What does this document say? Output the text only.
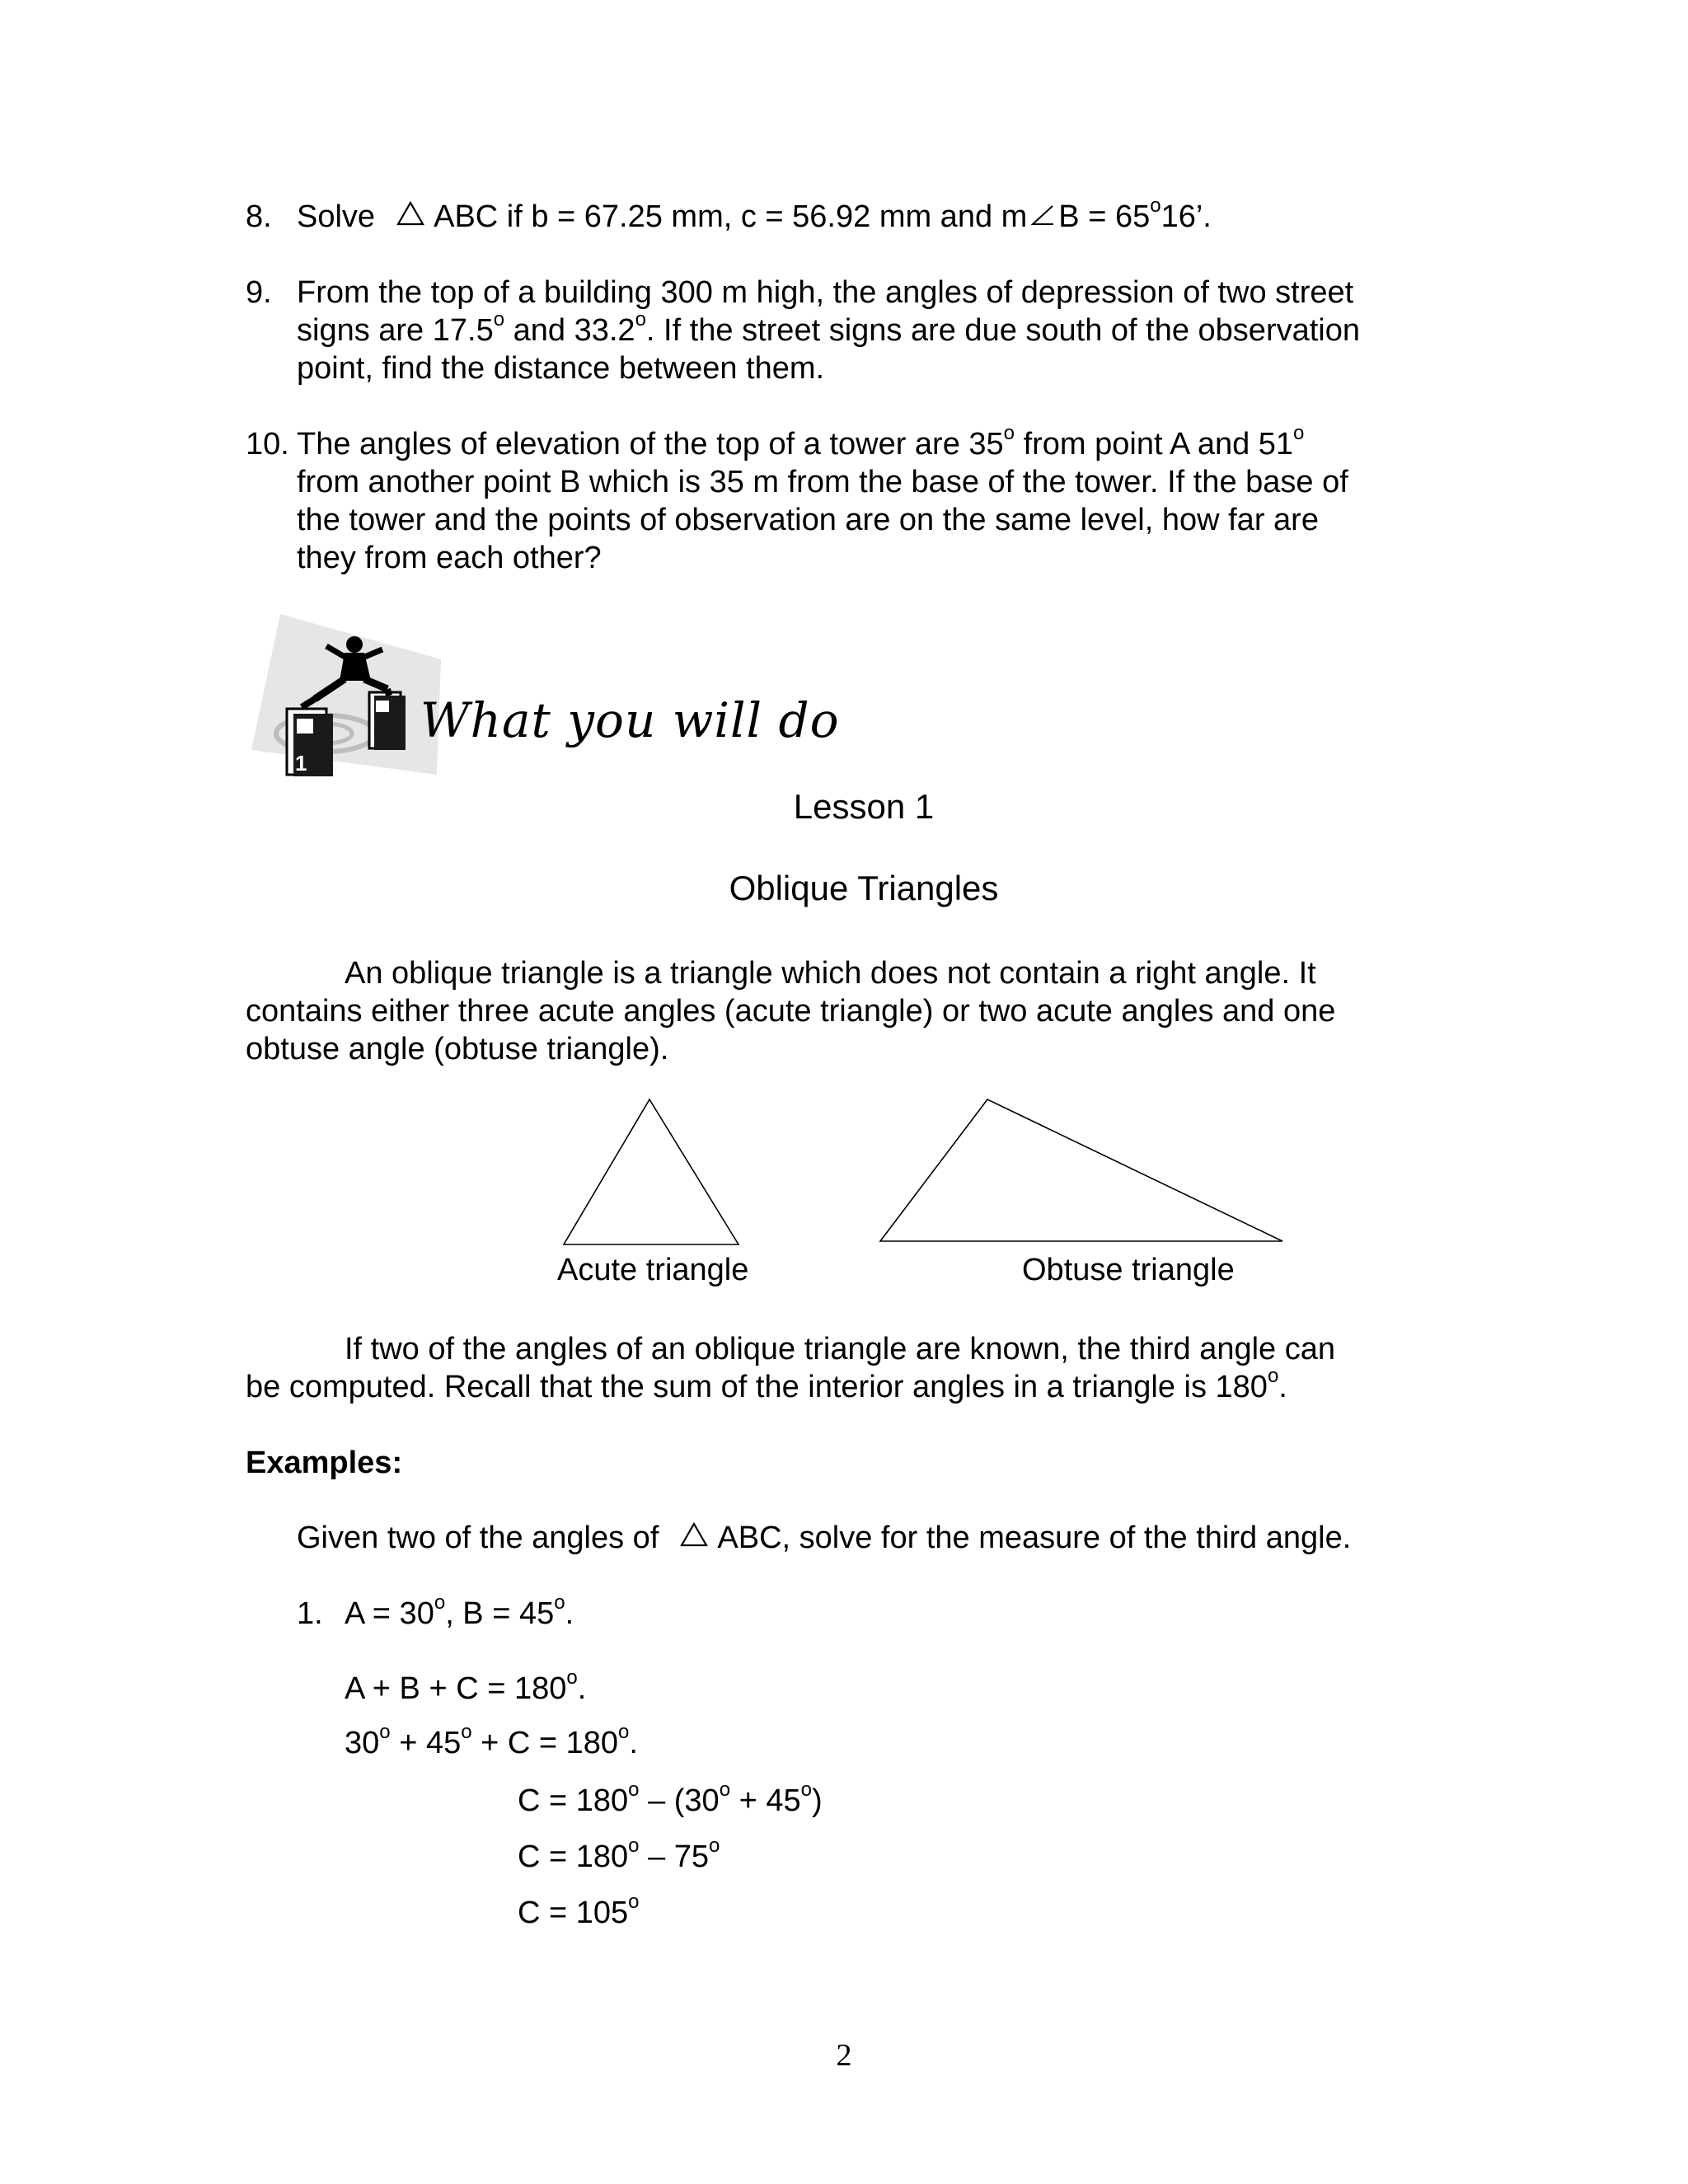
8. Solve ABC if b = 67.25 mm, c = 56.92 mm and m $B = 65^o16$’.
9. From the top of a building 300 m high, the angles of depression of two street
signs are 17.5$^o$ and 33.2$^o$. If the street signs are due south of the observation
point, find the distance between them.
10. The angles of elevation of the top of a tower are 35$^o$ from point A and 51$^o$
from another point B which is 35 m from the base of the tower. If the base of
the tower and the points of observation are on the same level, how far are
they from each other?
1
What you will do
Lesson 1
Oblique Triangles
An oblique triangle is a triangle which does not contain a right angle. It
contains either three acute angles (acute triangle) or two acute angles and one
obtuse angle (obtuse triangle).
Acute triangle	Obtuse triangle
If two of the angles of an oblique triangle are known, the third angle can
be computed. Recall that the sum of the interior angles in a triangle is 180$^o$.
Examples:
Given two of the angles of ABC, solve for the measure of the third angle.
1. $A = 30^o$, $B = 45^o$.
$A + B + C = 180^o$.
$30^o + 45^o + C = 180^o$.
$C = 180^o - (30^o + 45^o)$
$C = 180^o - 75^o$
$C = 105^o$
2
